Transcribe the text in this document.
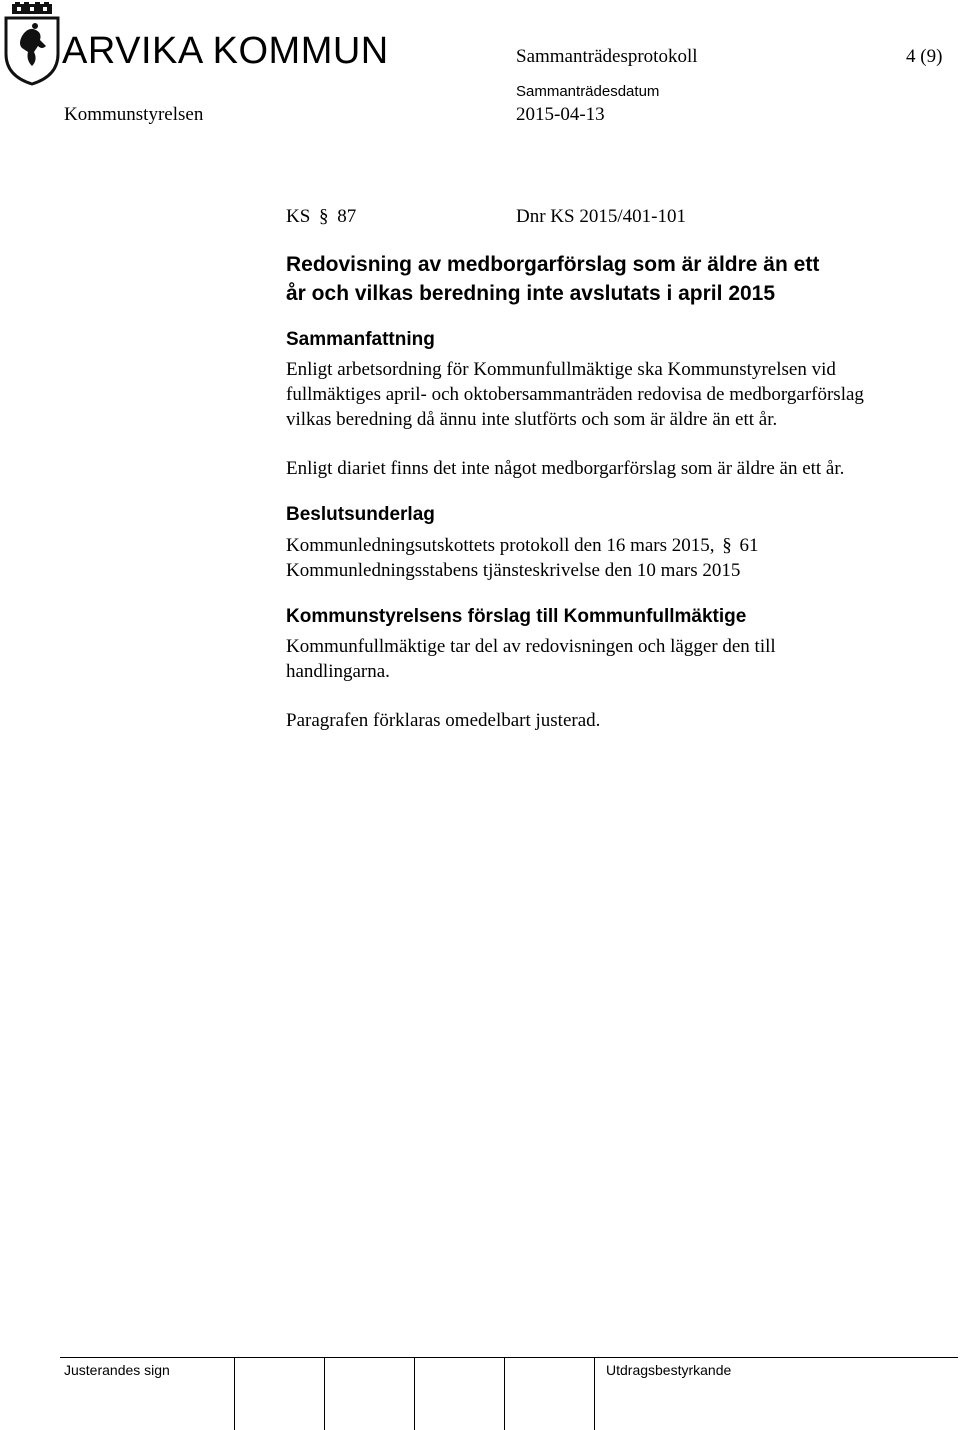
ARVIKA KOMMUN	Sammanträdesprotokoll	4 (9)
Kommunstyrelsen
Sammanträdesdatum
2015-04-13
KS § 87	Dnr KS 2015/401-101
Redovisning av medborgarförslag som är äldre än ett
år och vilkas beredning inte avslutats i april 2015
Sammanfattning
Enligt arbetsordning för Kommunfullmäktige ska Kommunstyrelsen vid
fullmäktiges april- och oktobersammanträden redovisa de medborgarförslag
vilkas beredning då ännu inte slutförts och som är äldre än ett år.
Enligt diariet finns det inte något medborgarförslag som är äldre än ett år.
Beslutsunderlag
Kommunledningsutskottets protokoll den 16 mars 2015, § 61
Kommunledningsstabens tjänsteskrivelse den 10 mars 2015
Kommunstyrelsens förslag till Kommunfullmäktige
Kommunfullmäktige tar del av redovisningen och lägger den till
handlingarna.
Paragrafen förklaras omedelbart justerad.
Justerandes sign	Utdragsbestyrkande
